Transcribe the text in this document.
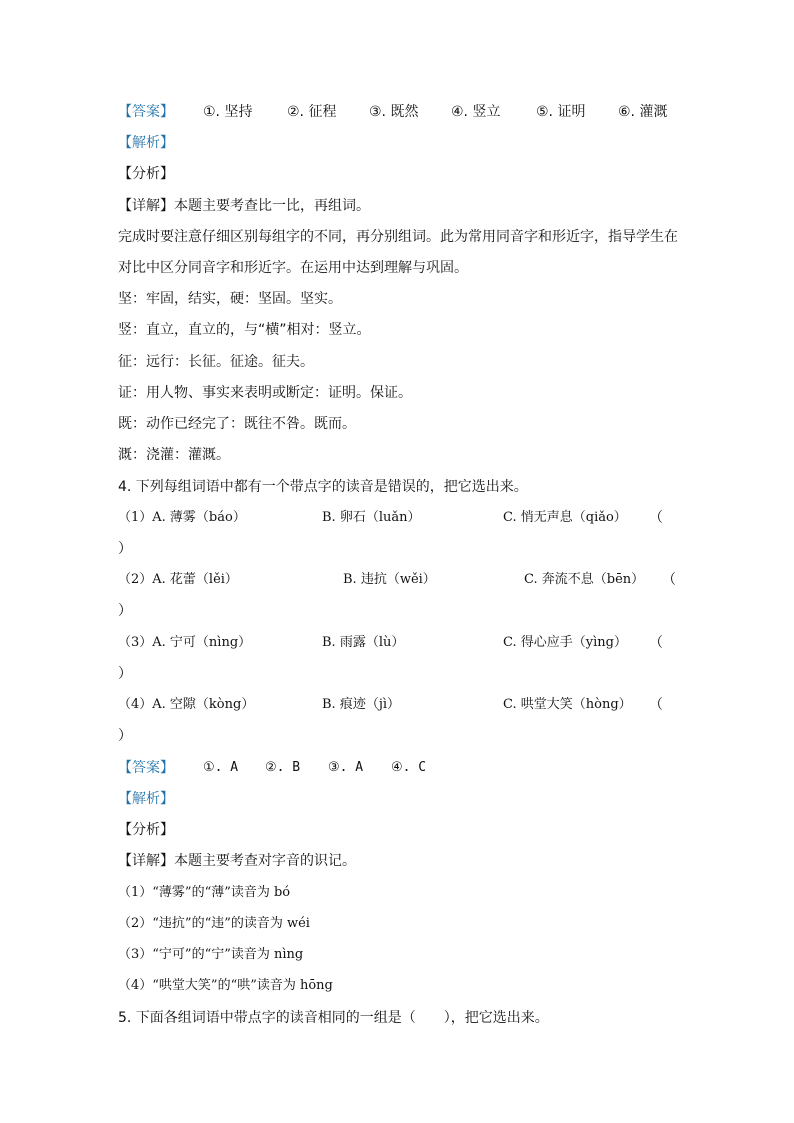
【答案】 ①. 坚持 ②. 征程 ③. 既然 ④. 竖立	⑤. 证明 ⑥. 灌溉
【解析】
【分析】
【详解】本题主要考查比一比，再组词。
完成时要注意仔细区别每组字的不同，再分别组词。此为常用同音字和形近字，指导学生在
对比中区分同音字和形近字。在运用中达到理解与巩固。
坚：牢固，结实，硬：坚固。坚实。
竖：直立，直立的，与“横”相对：竖立。
征：远行：长征。征途。征夫。
证：用人物、事实来表明或断定：证明。保证。
既：动作已经完了：既往不咎。既而。
溉：浇灌：灌溉。
4. 下列每组词语中都有一个带点字的读音是错误的，把它选出来。
（1）A. 薄雾（báo）	B. 卵石（luǎn）	C. 悄无声息（qiǎo） （
）
（2）A. 花蕾（lěi）	B. 违抗（wěi）	C. 奔流不息（bēn） （
）
（3）A. 宁可（nìng）	B. 雨露（lù）	C. 得心应手（yìng） （
）
（4）A. 空隙（kòng）	B. 痕迹（jì）	C. 哄堂大笑（hòng） （
）
【答案】 ①. A ②. B ③. A ④. C
【解析】
【分析】
【详解】本题主要考查对字音的识记。
（1）“薄雾”的“薄”读音为 bó
（2）“违抗”的“违”的读音为 wéi
（3）“宁可”的“宁”读音为 nìng
（4）“哄堂大笑”的“哄”读音为 hōng
5. 下面各组词语中带点字的读音相同的一组是（　　），把它选出来。
